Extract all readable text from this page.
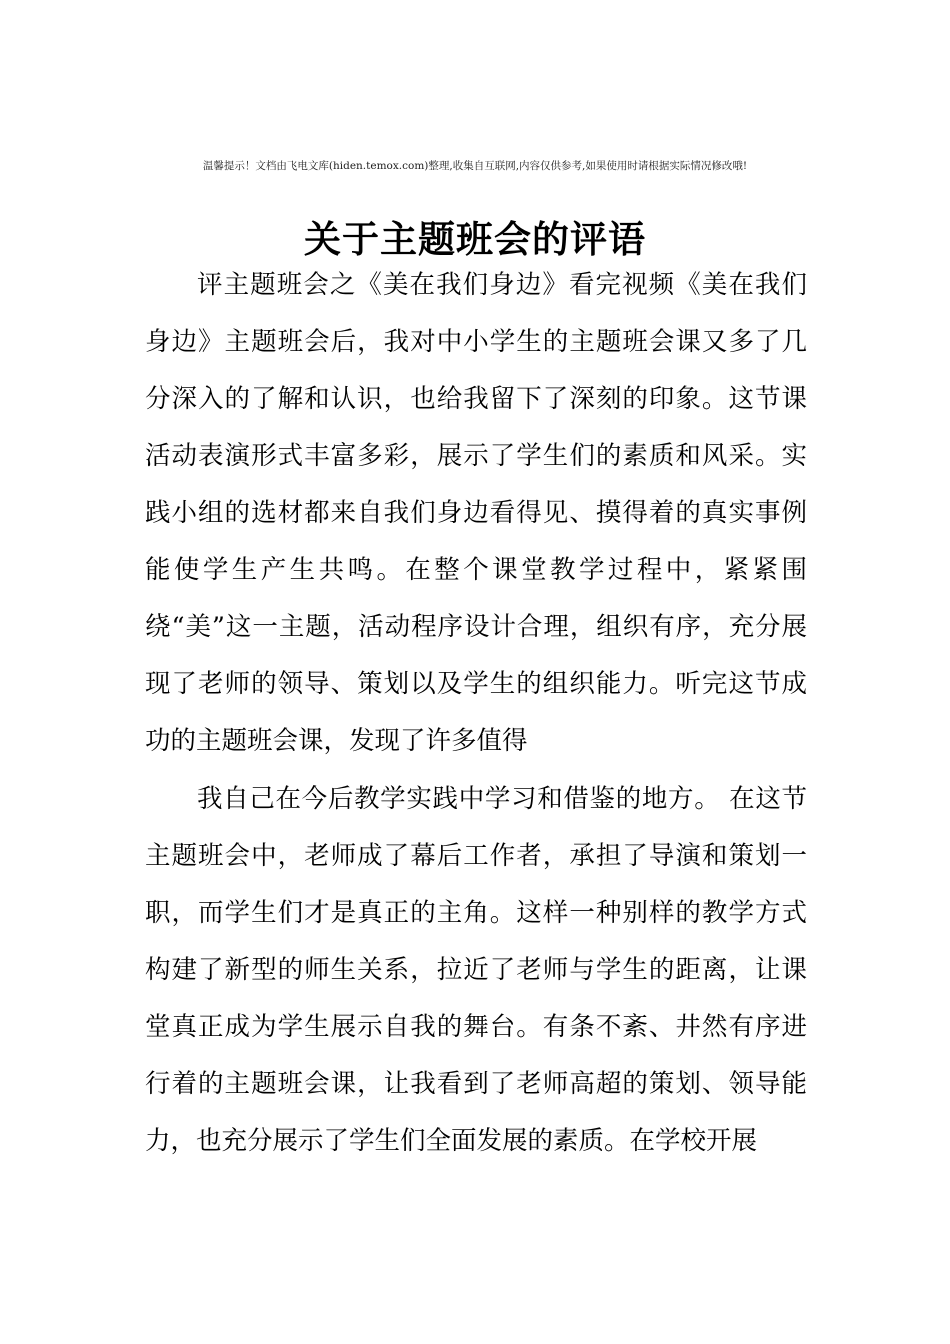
温馨提示！文档由飞电文库(hiden.temox.com)整理,收集自互联网,内容仅供参考,如果使用时请根据实际情况修改哦!
关于主题班会的评语

评主题班会之《美在我们身边》看完视频《美在我们身边》主题班会后，我对中小学生的主题班会课又多了几分深入的了解和认识，也给我留下了深刻的印象。这节课活动表演形式丰富多彩，展示了学生们的素质和风采。实践小组的选材都来自我们身边看得见、摸得着的真实事例能使学生产生共鸣。在整个课堂教学过程中，紧紧围绕“美”这一主题，活动程序设计合理，组织有序，充分展现了老师的领导、策划以及学生的组织能力。听完这节成功的主题班会课，发现了许多值得

我自己在今后教学实践中学习和借鉴的地方。 在这节主题班会中，老师成了幕后工作者，承担了导演和策划一职，而学生们才是真正的主角。这样一种别样的教学方式构建了新型的师生关系，拉近了老师与学生的距离，让课堂真正成为学生展示自我的舞台。有条不紊、井然有序进行着的主题班会课，让我看到了老师高超的策划、领导能力，也充分展示了学生们全面发展的素质。在学校开展
